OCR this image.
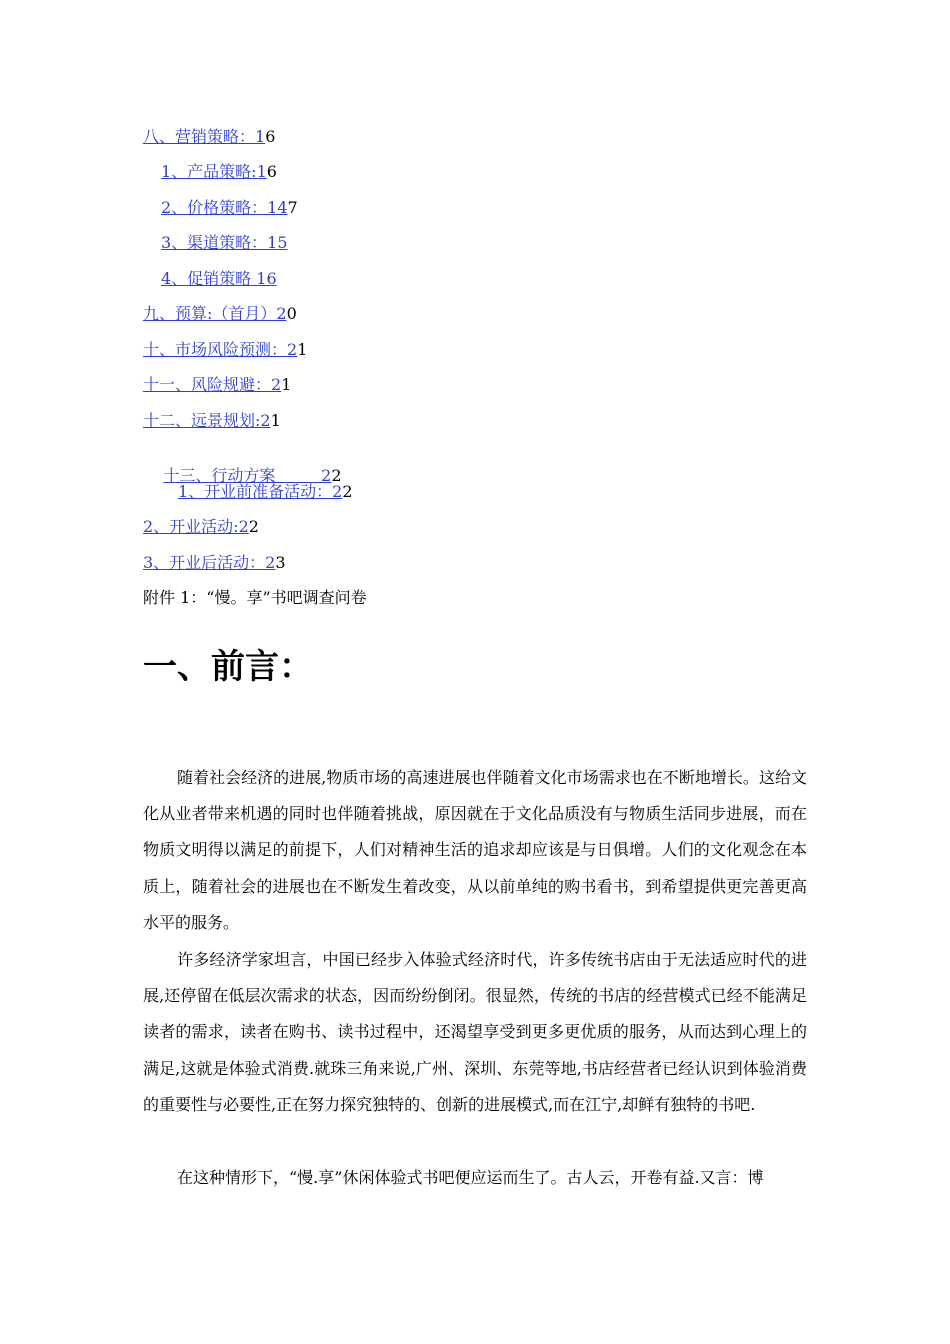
八、营销策略：16
1、产品策略:16
2、价格策略：147
3、渠道策略：15
4、促销策略 16
九、预算:（首月）20
十、市场风险预测：21
十一、风险规避：21
十二、远景规划:21

十三、行动方案         22

1、开业前准备活动：22
2、开业活动:22
3、开业后活动：23
附件 1：“慢。享”书吧调查问卷
一、前言：

随着社会经济的进展,物质市场的高速进展也伴随着文化市场需求也在不断地增长。这给文化从业者带来机遇的同时也伴随着挑战，原因就在于文化品质没有与物质生活同步进展，而在物质文明得以满足的前提下，人们对精神生活的追求却应该是与日俱增。人们的文化观念在本质上，随着社会的进展也在不断发生着改变，从以前单纯的购书看书，到希望提供更完善更高水平的服务。

许多经济学家坦言，中国已经步入体验式经济时代，许多传统书店由于无法适应时代的进展,还停留在低层次需求的状态，因而纷纷倒闭。很显然，传统的书店的经营模式已经不能满足读者的需求，读者在购书、读书过程中，还渴望享受到更多更优质的服务，从而达到心理上的满足,这就是体验式消费.就珠三角来说,广州、深圳、东莞等地,书店经营者已经认识到体验消费的重要性与必要性,正在努力探究独特的、创新的进展模式,而在江宁,却鲜有独特的书吧.

在这种情形下，“慢.享”休闲体验式书吧便应运而生了。古人云，开卷有益.又言：博
